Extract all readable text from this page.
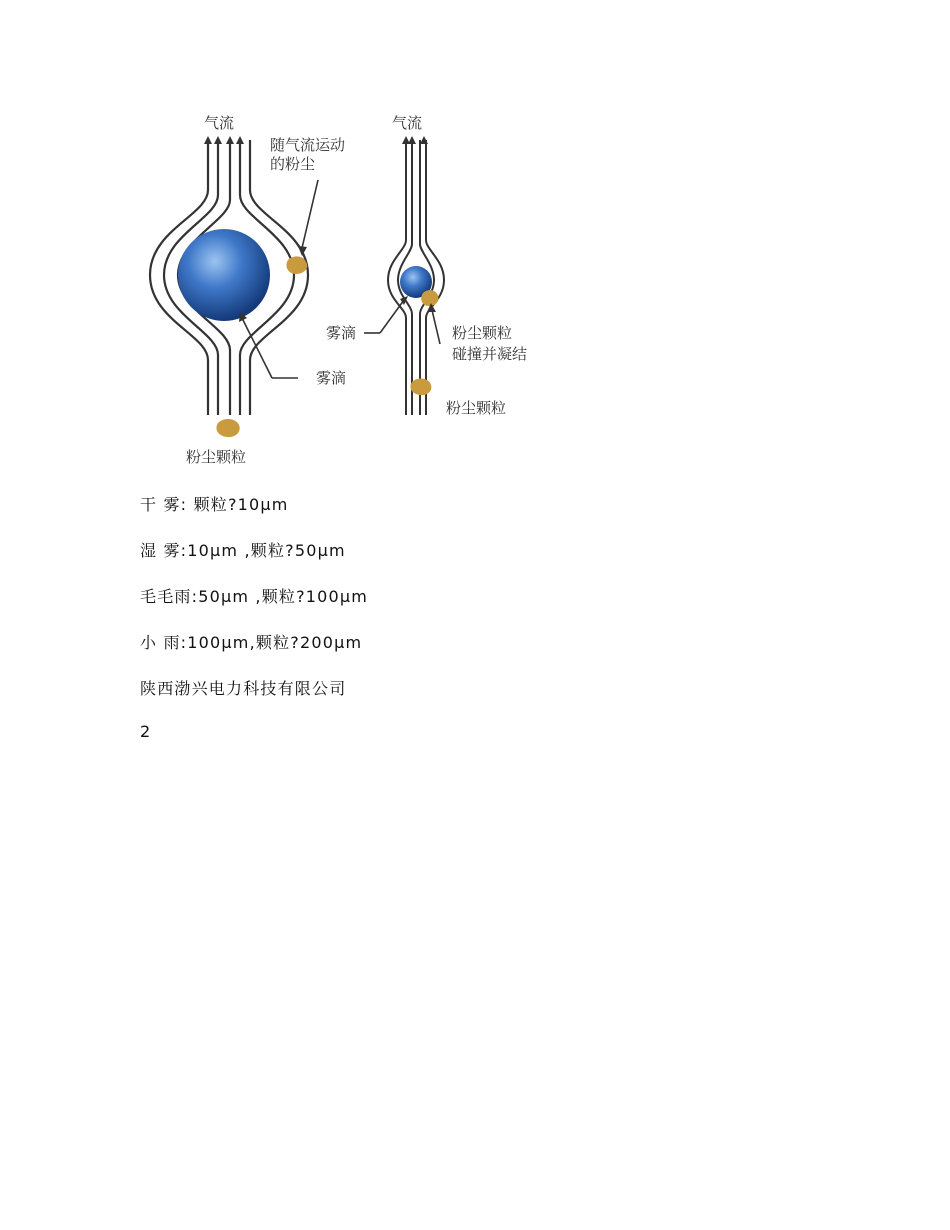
气流
随气流运动
的粉尘
雾滴
粉尘颗粒
气流
雾滴	粉尘颗粒
碰撞并凝结
粉尘颗粒
干 雾: 颗粒?10μm
湿 雾:10μm ,颗粒?50μm
毛毛雨:50μm ,颗粒?100μm
小 雨:100μm,颗粒?200μm
陕西渤兴电力科技有限公司
2
